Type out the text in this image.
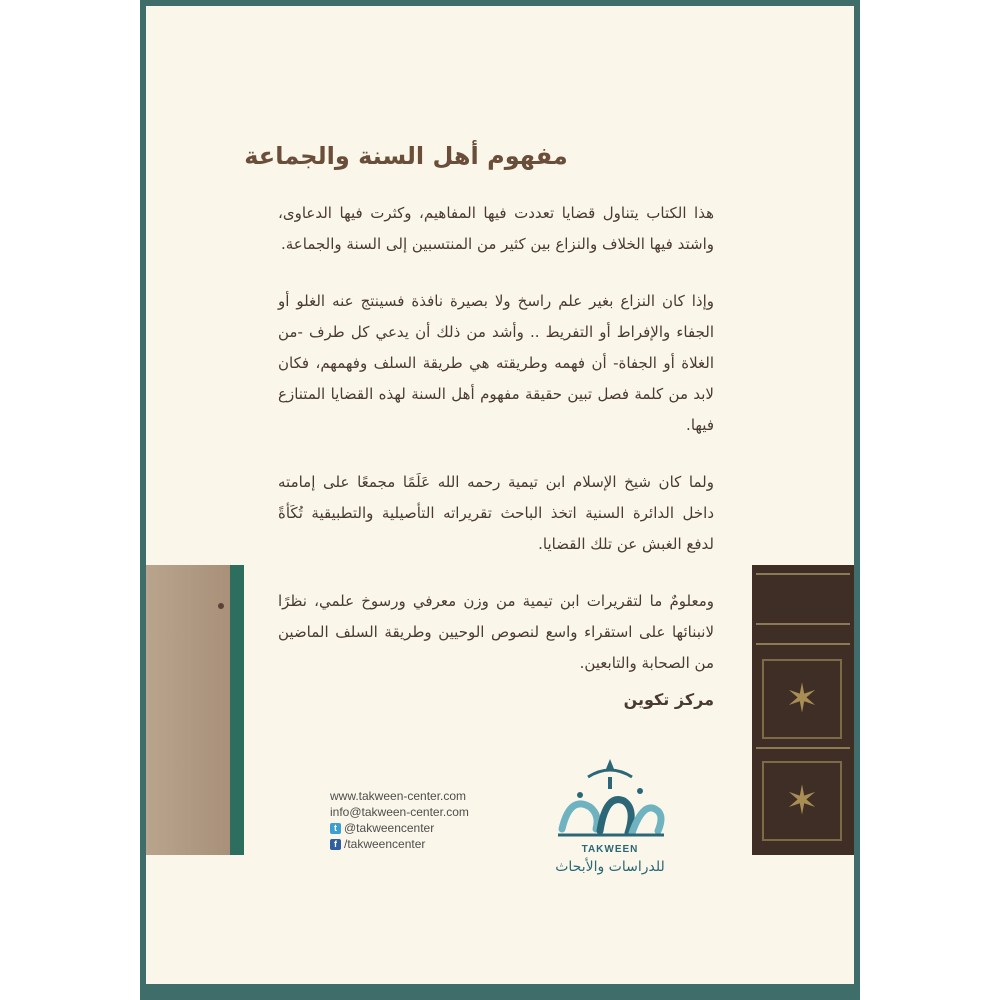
مفهوم أهل السنة والجماعة

هذا الكتاب يتناول قضايا تعددت فيها المفاهيم، وكثرت فيها الدعاوى، واشتد فيها الخلاف والنزاع بين كثير من المنتسبين إلى السنة والجماعة.

وإذا كان النزاع بغير علم راسخ ولا بصيرة نافذة فسينتج عنه الغلو أو الجفاء والإفراط أو التفريط .. وأشد من ذلك أن يدعي كل طرف -من الغلاة أو الجفاة- أن فهمه وطريقته هي طريقة السلف وفهمهم، فكان لابد من كلمة فصل تبين حقيقة مفهوم أهل السنة لهذه القضايا المتنازع فيها.

ولما كان شيخ الإسلام ابن تيمية رحمه الله عَلَمًا مجمعًا على إمامته داخل الدائرة السنية اتخذ الباحث تقريراته التأصيلية والتطبيقية تُكَأةً لدفع الغبش عن تلك القضايا.

ومعلومٌ ما لتقريرات ابن تيمية من وزن معرفي ورسوخ علمي، نظرًا لانبنائها على استقراء واسع لنصوص الوحيين وطريقة السلف الماضين من الصحابة والتابعين.

مركز تكوين ✶
✶
www.takween-center.com
info@takween-center.com
t @takweencenter
f /takweencenter	TAKWEEN
للدراسات والأبحاث
